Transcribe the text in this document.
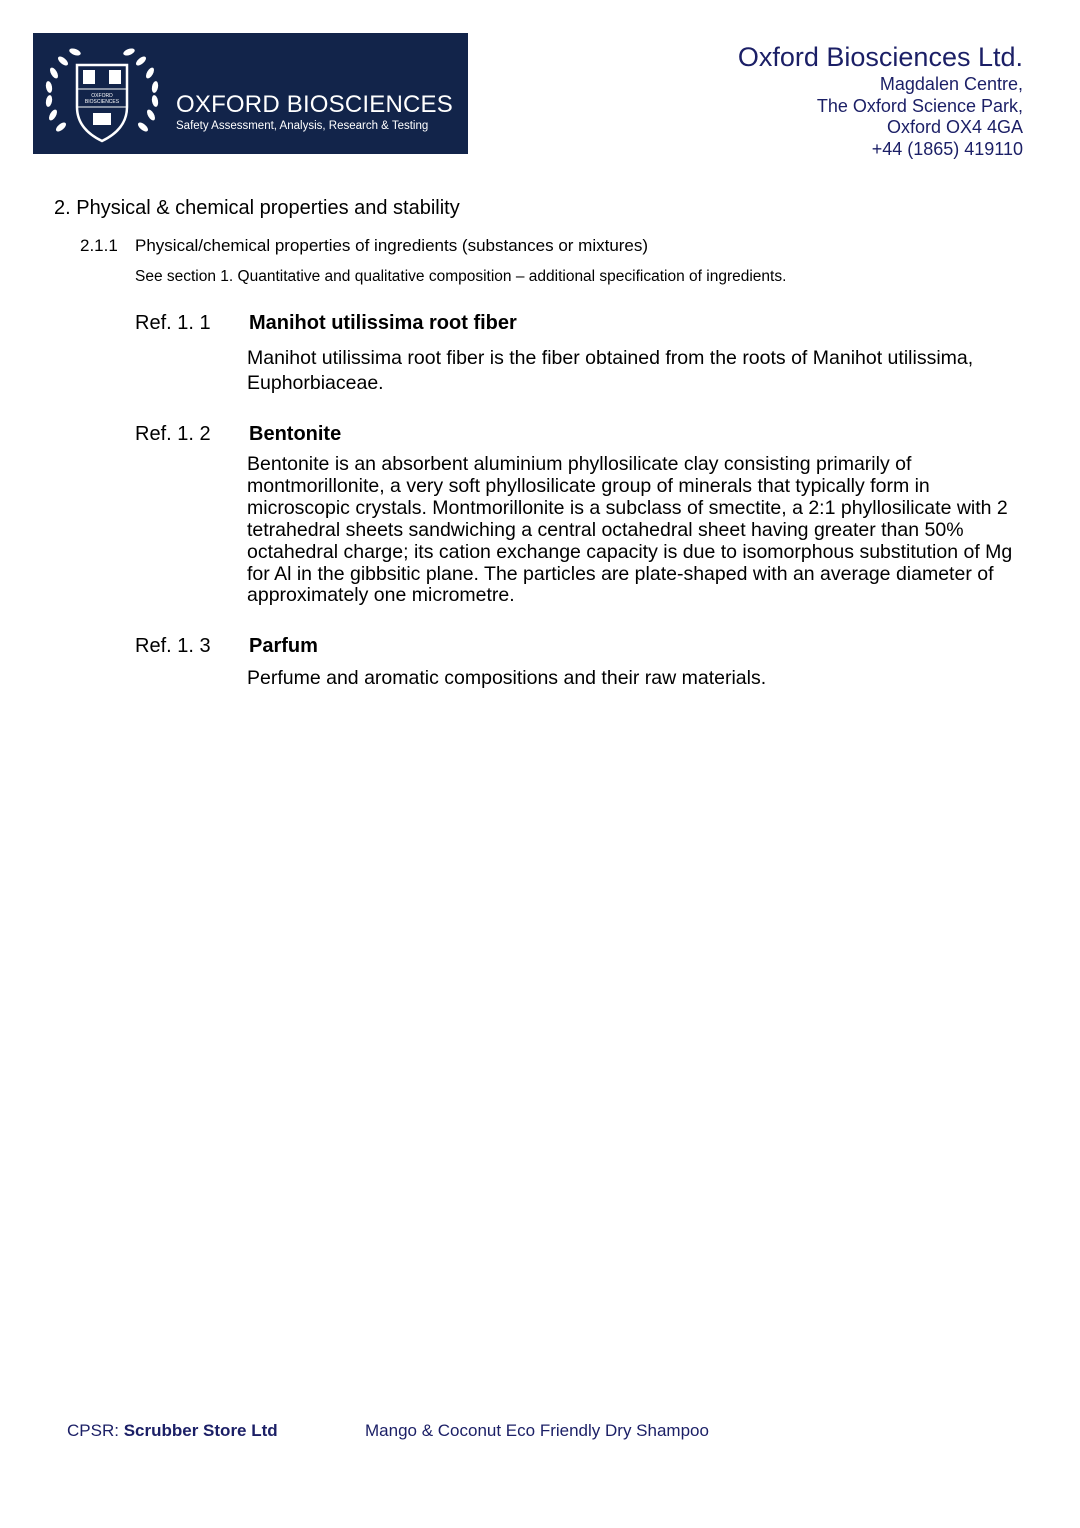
OXFORD
BIOSCIENCES OXFORD BIOSCIENCES
Safety Assessment, Analysis, Research & Testing
Oxford Biosciences Ltd.
Magdalen Centre,
The Oxford Science Park,
Oxford OX4 4GA
+44 (1865) 419110
2. Physical & chemical properties and stability
2.1.1 Physical/chemical properties of ingredients (substances or mixtures)
See section 1. Quantitative and qualitative composition – additional specification of ingredients.
Ref. 1. 1 Manihot utilissima root fiber
Manihot utilissima root fiber is the fiber obtained from the roots of Manihot utilissima, Euphorbiaceae.
Ref. 1. 2 Bentonite
Bentonite is an absorbent aluminium phyllosilicate clay consisting primarily of montmorillonite, a very soft phyllosilicate group of minerals that typically form in microscopic crystals. Montmorillonite is a subclass of smectite, a 2:1 phyllosilicate with 2 tetrahedral sheets sandwiching a central octahedral sheet having greater than 50% octahedral charge; its cation exchange capacity is due to isomorphous substitution of Mg for Al in the gibbsitic plane. The particles are plate-shaped with an average diameter of approximately one micrometre.
Ref. 1. 3 Parfum
Perfume and aromatic compositions and their raw materials.
CPSR: Scrubber Store Ltd	Mango & Coconut Eco Friendly Dry Shampoo
